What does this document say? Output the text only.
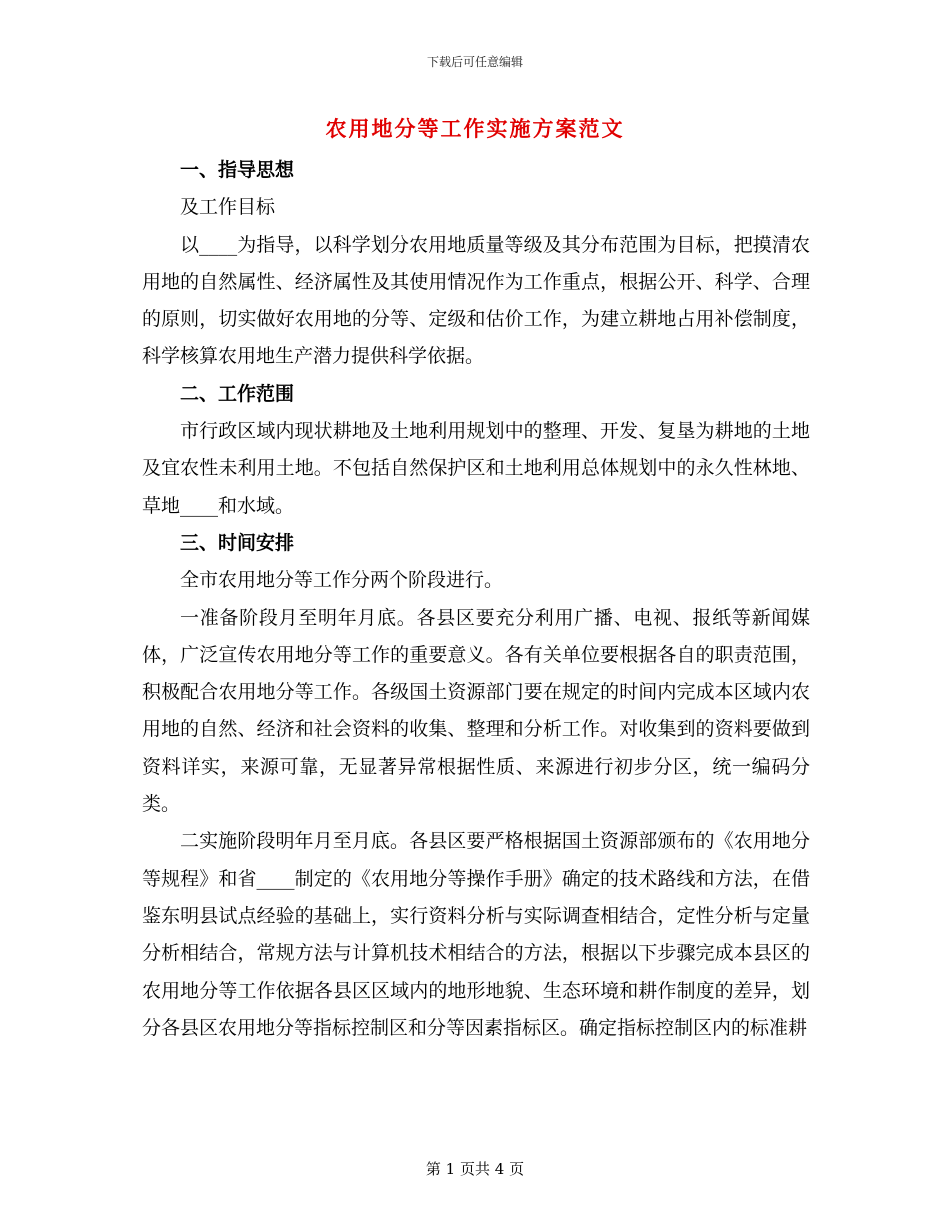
下载后可任意编辑
农用地分等工作实施方案范文
一、指导思想

及工作目标

以____为指导，以科学划分农用地质量等级及其分布范围为目标，把摸清农用地的自然属性、经济属性及其使用情况作为工作重点，根据公开、科学、合理的原则，切实做好农用地的分等、定级和估价工作，为建立耕地占用补偿制度，科学核算农用地生产潜力提供科学依据。

二、工作范围

市行政区域内现状耕地及土地利用规划中的整理、开发、复垦为耕地的土地及宜农性未利用土地。不包括自然保护区和土地利用总体规划中的永久性林地、草地____和水域。

三、时间安排

全市农用地分等工作分两个阶段进行。

一准备阶段月至明年月底。各县区要充分利用广播、电视、报纸等新闻媒体，广泛宣传农用地分等工作的重要意义。各有关单位要根据各自的职责范围，积极配合农用地分等工作。各级国土资源部门要在规定的时间内完成本区域内农用地的自然、经济和社会资料的收集、整理和分析工作。对收集到的资料要做到资料详实，来源可靠，无显著异常根据性质、来源进行初步分区，统一编码分类。

二实施阶段明年月至月底。各县区要严格根据国土资源部颁布的《农用地分等规程》和省____制定的《农用地分等操作手册》确定的技术路线和方法，在借鉴东明县试点经验的基础上，实行资料分析与实际调查相结合，定性分析与定量分析相结合，常规方法与计算机技术相结合的方法，根据以下步骤完成本县区的农用地分等工作依据各县区区域内的地形地貌、生态环境和耕作制度的差异，划分各县区农用地分等指标控制区和分等因素指标区。确定指标控制区内的标准耕

第 1 页共 4 页
